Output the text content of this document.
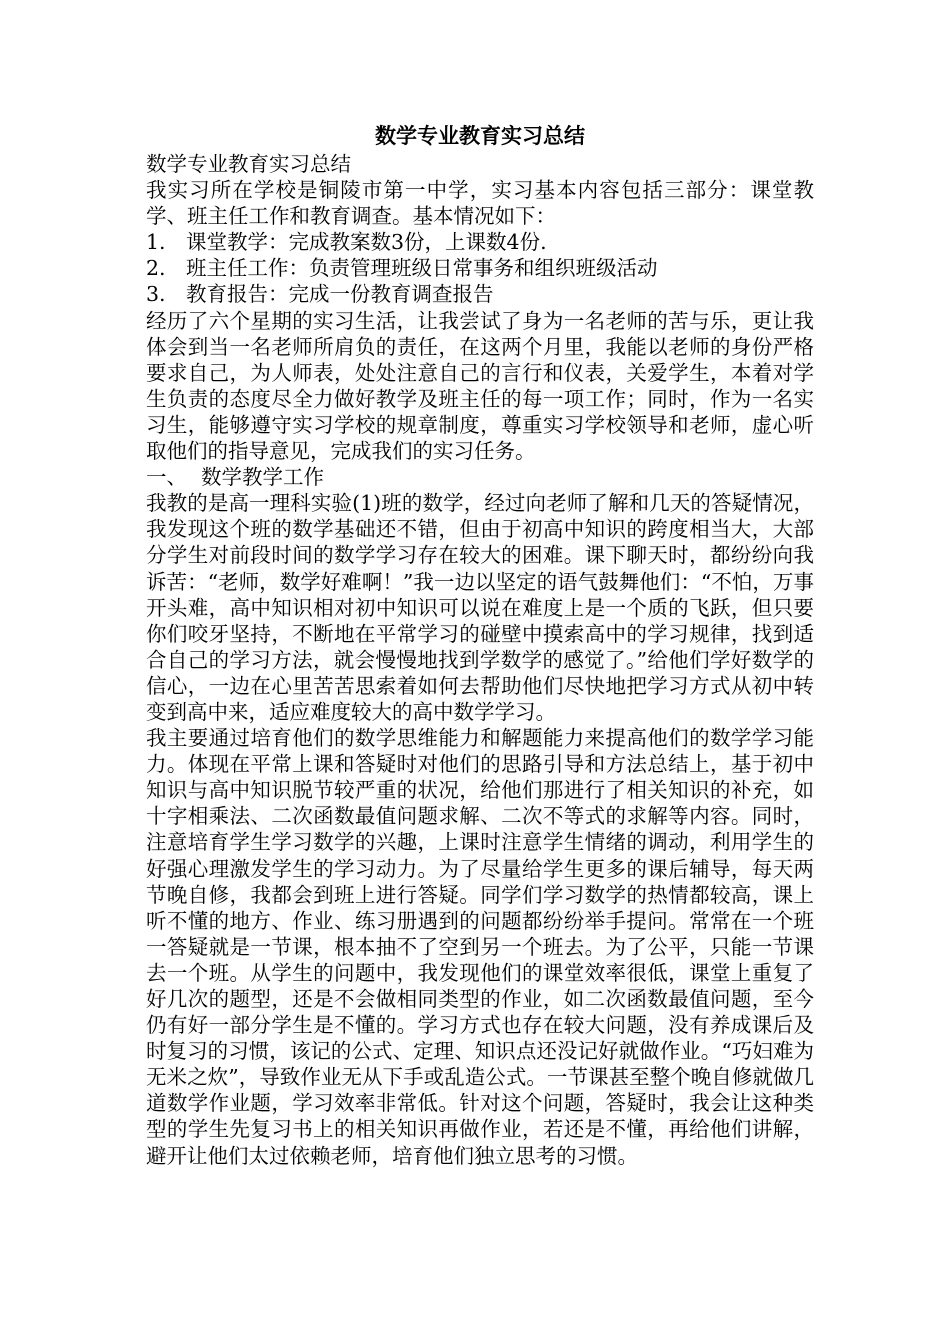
数学专业教育实习总结

数学专业教育实习总结

我实习所在学校是铜陵市第一中学，实习基本内容包括三部分：课堂教学、班主任工作和教育调查。基本情况如下：

1. 课堂教学：完成教案数3份，上课数4份.

2. 班主任工作：负责管理班级日常事务和组织班级活动

3. 教育报告：完成一份教育调查报告

经历了六个星期的实习生活，让我尝试了身为一名老师的苦与乐，更让我体会到当一名老师所肩负的责任，在这两个月里，我能以老师的身份严格要求自己，为人师表，处处注意自己的言行和仪表，关爱学生，本着对学生负责的态度尽全力做好教学及班主任的每一项工作；同时，作为一名实习生，能够遵守实习学校的规章制度，尊重实习学校领导和老师，虚心听取他们的指导意见，完成我们的实习任务。

一、 数学教学工作

我教的是高一理科实验(1)班的数学，经过向老师了解和几天的答疑情况，我发现这个班的数学基础还不错，但由于初高中知识的跨度相当大，大部分学生对前段时间的数学学习存在较大的困难。课下聊天时，都纷纷向我诉苦：“老师，数学好难啊！”我一边以坚定的语气鼓舞他们：“不怕，万事开头难，高中知识相对初中知识可以说在难度上是一个质的飞跃，但只要你们咬牙坚持，不断地在平常学习的碰壁中摸索高中的学习规律，找到适合自己的学习方法，就会慢慢地找到学数学的感觉了。”给他们学好数学的信心，一边在心里苦苦思索着如何去帮助他们尽快地把学习方式从初中转变到高中来，适应难度较大的高中数学学习。

我主要通过培育他们的数学思维能力和解题能力来提高他们的数学学习能力。体现在平常上课和答疑时对他们的思路引导和方法总结上，基于初中知识与高中知识脱节较严重的状况，给他们那进行了相关知识的补充，如十字相乘法、二次函数最值问题求解、二次不等式的求解等内容。同时，注意培育学生学习数学的兴趣，上课时注意学生情绪的调动，利用学生的好强心理激发学生的学习动力。为了尽量给学生更多的课后辅导，每天两节晚自修，我都会到班上进行答疑。同学们学习数学的热情都较高，课上听不懂的地方、作业、练习册遇到的问题都纷纷举手提问。常常在一个班一答疑就是一节课，根本抽不了空到另一个班去。为了公平，只能一节课去一个班。从学生的问题中，我发现他们的课堂效率很低，课堂上重复了好几次的题型，还是不会做相同类型的作业，如二次函数最值问题，至今仍有好一部分学生是不懂的。学习方式也存在较大问题，没有养成课后及时复习的习惯，该记的公式、定理、知识点还没记好就做作业。“巧妇难为无米之炊”，导致作业无从下手或乱造公式。一节课甚至整个晚自修就做几道数学作业题，学习效率非常低。针对这个问题，答疑时，我会让这种类型的学生先复习书上的相关知识再做作业，若还是不懂，再给他们讲解，避开让他们太过依赖老师，培育他们独立思考的习惯。
